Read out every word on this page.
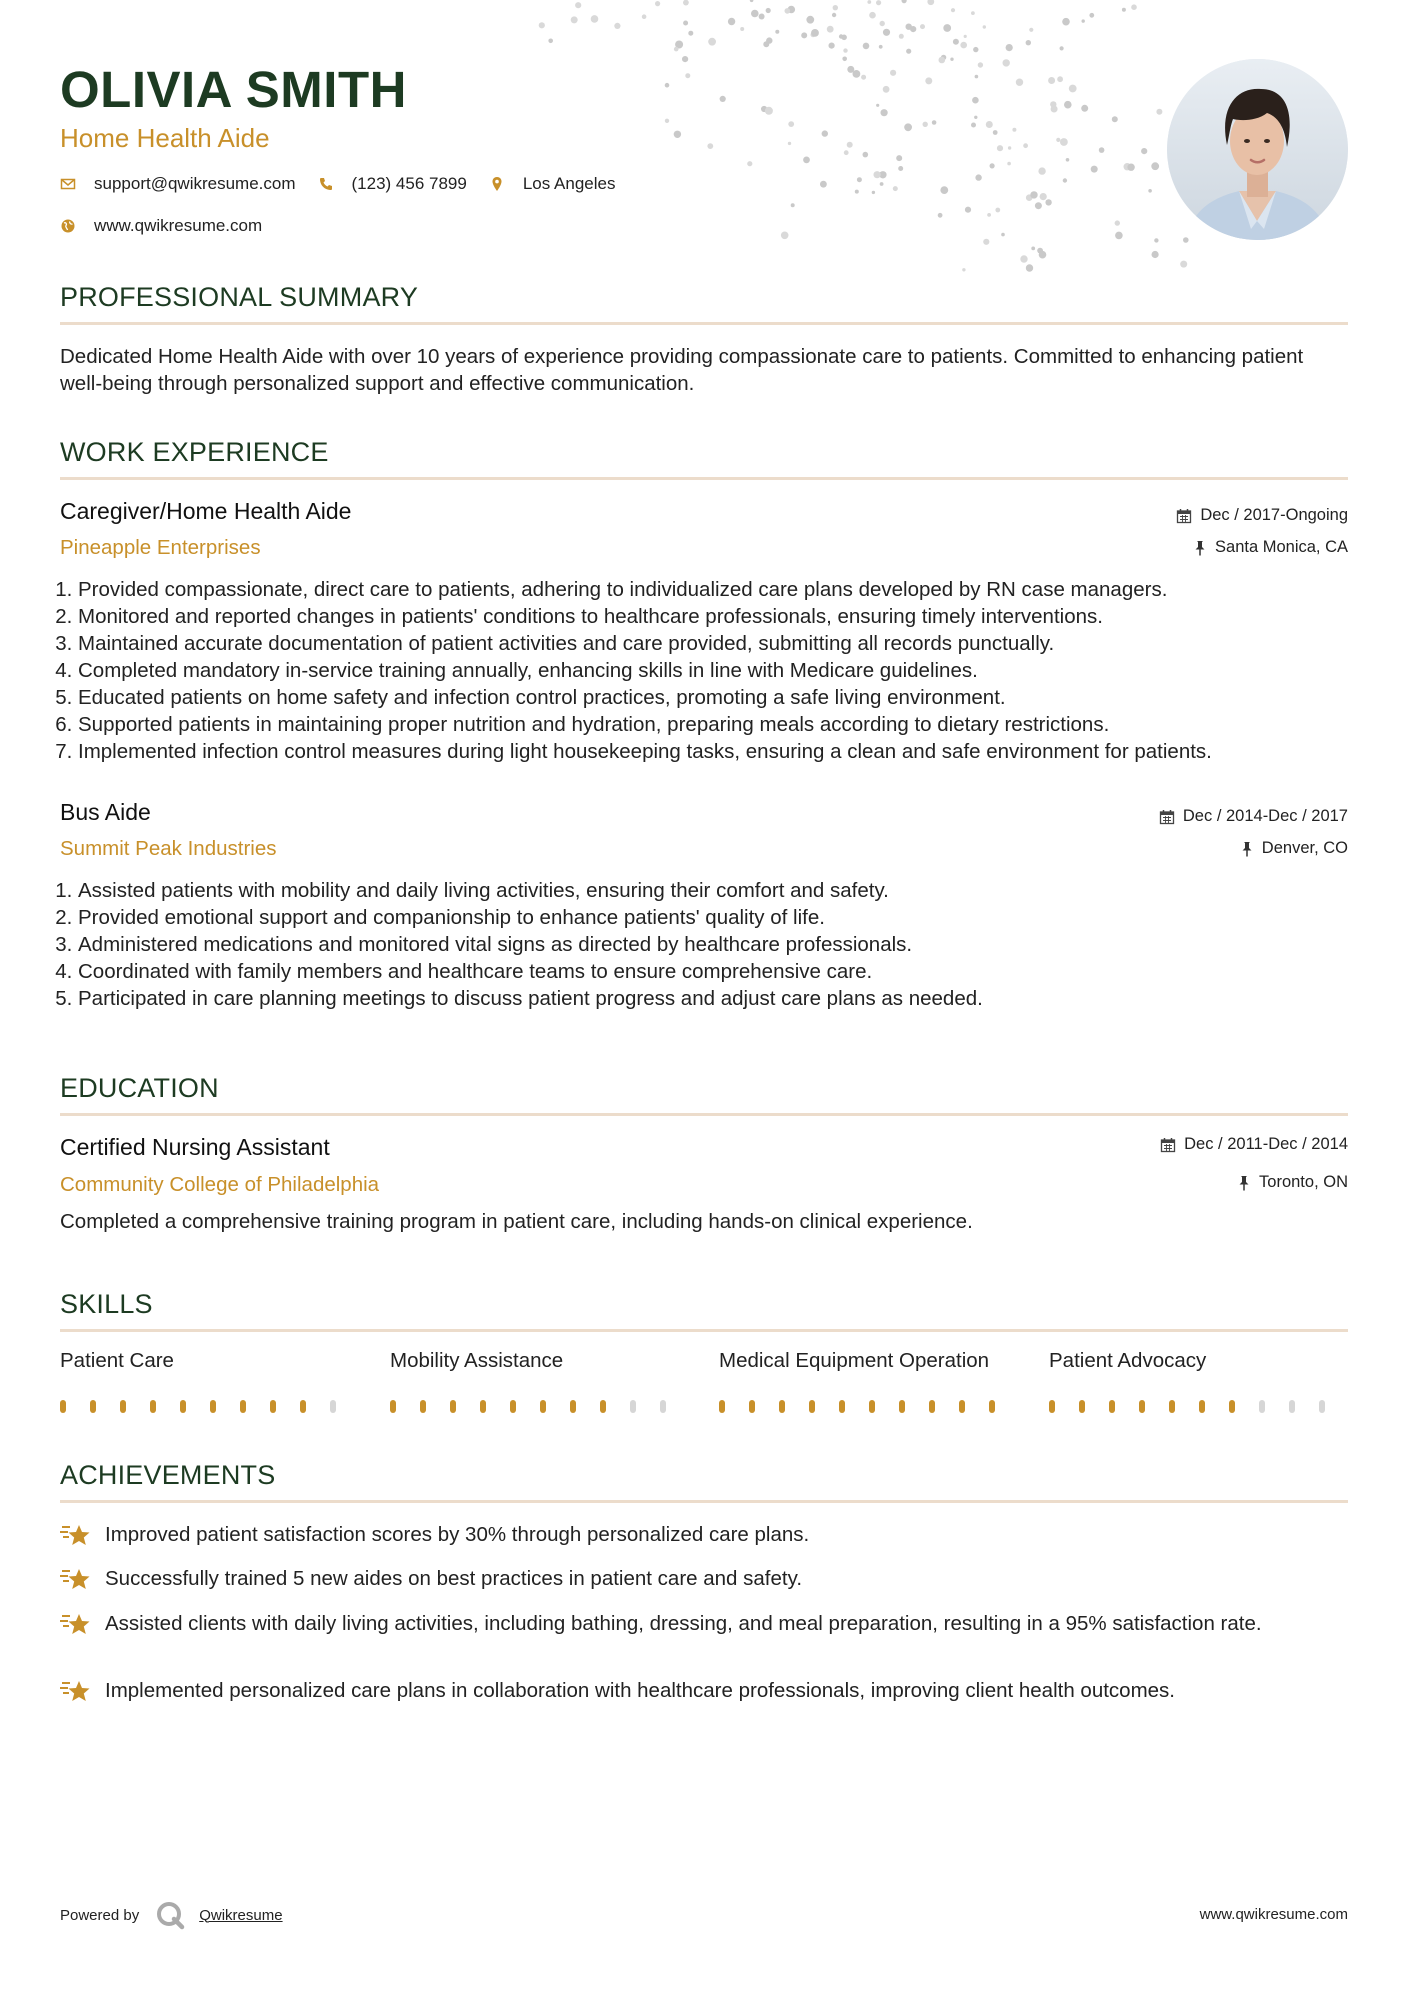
OLIVIA SMITH
Home Health Aide
support@qwikresume.com	(123) 456 7899	Los Angeles
www.qwikresume.com
PROFESSIONAL SUMMARY
Dedicated Home Health Aide with over 10 years of experience providing compassionate care to patients. Committed to enhancing patient well-being through personalized support and effective communication.
WORK EXPERIENCE
Caregiver/Home Health Aide
Pineapple Enterprises
Dec / 2017-Ongoing
Santa Monica, CA
1. Provided compassionate, direct care to patients, adhering to individualized care plans developed by RN case managers.
2. Monitored and reported changes in patients' conditions to healthcare professionals, ensuring timely interventions.
3. Maintained accurate documentation of patient activities and care provided, submitting all records punctually.
4. Completed mandatory in-service training annually, enhancing skills in line with Medicare guidelines.
5. Educated patients on home safety and infection control practices, promoting a safe living environment.
6. Supported patients in maintaining proper nutrition and hydration, preparing meals according to dietary restrictions.
7. Implemented infection control measures during light housekeeping tasks, ensuring a clean and safe environment for patients.
Bus Aide
Summit Peak Industries
Dec / 2014-Dec / 2017
Denver, CO
1. Assisted patients with mobility and daily living activities, ensuring their comfort and safety.
2. Provided emotional support and companionship to enhance patients' quality of life.
3. Administered medications and monitored vital signs as directed by healthcare professionals.
4. Coordinated with family members and healthcare teams to ensure comprehensive care.
5. Participated in care planning meetings to discuss patient progress and adjust care plans as needed.
EDUCATION
Certified Nursing Assistant
Community College of Philadelphia
Dec / 2011-Dec / 2014
Toronto, ON
Completed a comprehensive training program in patient care, including hands-on clinical experience.
SKILLS
Patient Care	Mobility Assistance	Medical Equipment Operation	Patient Advocacy
ACHIEVEMENTS
Improved patient satisfaction scores by 30% through personalized care plans.
Successfully trained 5 new aides on best practices in patient care and safety.
Assisted clients with daily living activities, including bathing, dressing, and meal preparation, resulting in a 95% satisfaction rate.
Implemented personalized care plans in collaboration with healthcare professionals, improving client health outcomes.
Powered by	Qwikresume	www.qwikresume.com
